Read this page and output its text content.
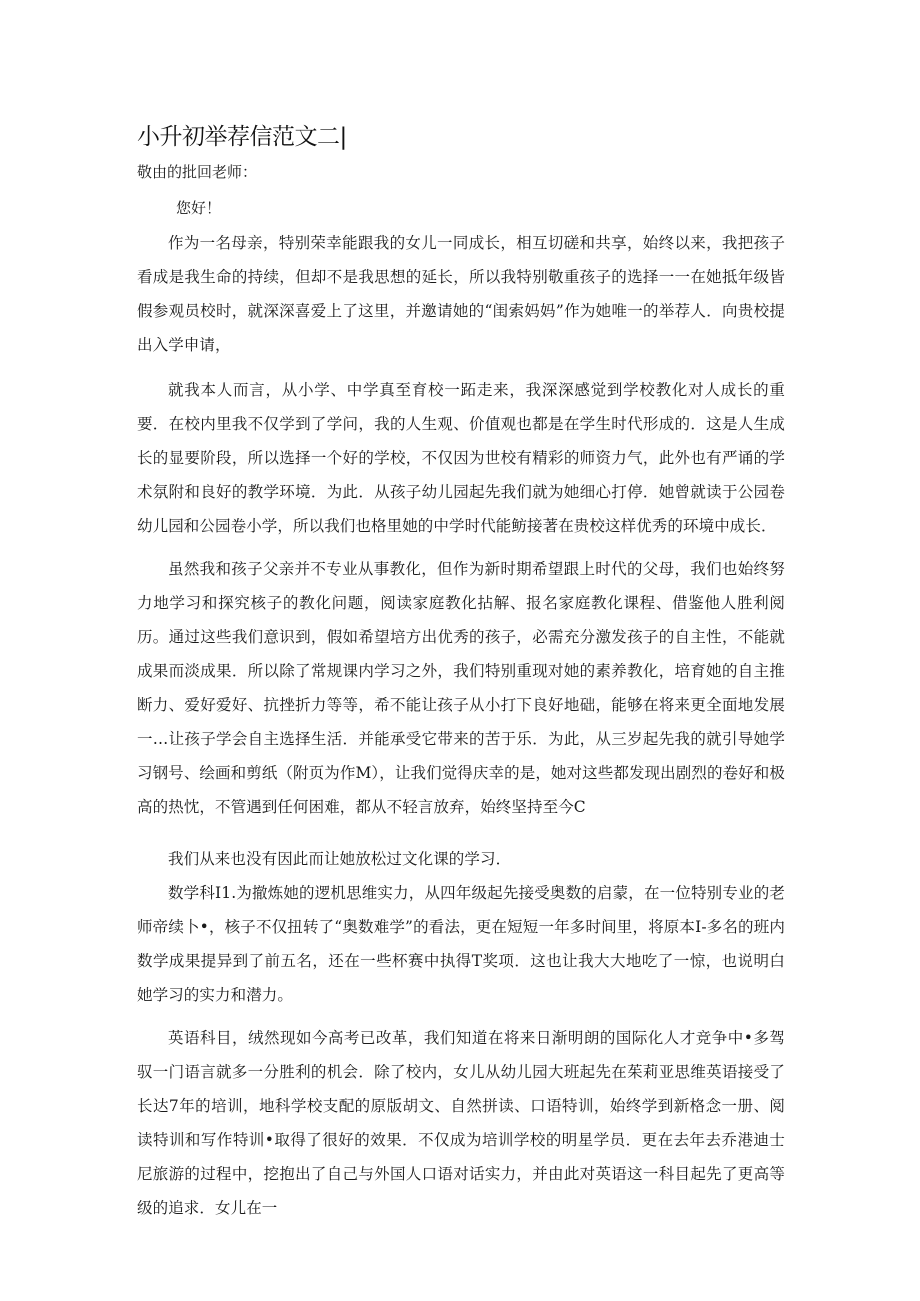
小升初举荐信范文二|

敬由的批回老师：

您好！

作为一名母亲，特别荣幸能跟我的女儿一同成长，相互切磋和共享，始终以来，我把孩子看成是我生命的持续，但却不是我思想的延长，所以我特别敬重孩子的选择一一在她抵年级皆假参观员校时，就深深喜爱上了这里，并邀请她的“闺索妈妈”作为她唯一的举荐人．向贵校提出入学申请，

就我本人而言，从小学、中学真至育校一跖走来，我深深感觉到学校教化对人成长的重要．在校内里我不仅学到了学问，我的人生观、价值观也都是在学生时代形成的．这是人生成长的显要阶段，所以选择一个好的学校，不仅因为世校有精彩的师资力气，此外也有严诵的学术氛附和良好的教学环境．为此．从孩子幼儿园起先我们就为她细心打停．她曾就读于公园卷幼儿园和公园卷小学，所以我们也格里她的中学时代能鲂接著在贵校这样优秀的环境中成长．

虽然我和孩子父亲并不专业从事教化，但作为新时期希望跟上时代的父母，我们也始终努力地学习和探究核子的教化问题，阅读家庭教化拈解、报名家庭教化课程、借鉴他人胜利阅历。通过这些我们意识到，假如希望培方出优秀的孩子，必需充分激发孩子的自主性，不能就成果而淡成果．所以除了常规课内学习之外，我们特别重现对她的素养教化，培育她的自主推断力、爱好爱好、抗挫折力等等，希不能让孩子从小打下良好地础，能够在将来更全面地发展一…让孩子学会自主选择生活．并能承受它带来的苦于乐．为此，从三岁起先我的就引导她学习钢号、绘画和剪纸（附页为作M），让我们觉得庆幸的是，她对这些都发现出剧烈的卷好和极高的热忱，不管遇到任何困难，都从不轻言放弃，始终坚持至今C

我们从来也没有因此而让她放松过文化课的学习．

数学科I1.为撤炼她的逻机思维实力，从四年级起先接受奥数的启蒙，在一位特别专业的老师帝续卜•，核子不仅扭转了“奥数难学”的看法，更在短短一年多时间里，将原本I-多名的班内数学成果提异到了前五名，还在一些杯赛中执得T奖项．这也让我大大地吃了一惊，也说明白她学习的实力和潜力。

英语科目，绒然现如今高考已改革，我们知道在将来日渐明朗的国际化人才竞争中•多驾驭一门语言就多一分胜利的机会．除了校内，女儿从幼儿园大班起先在茱莉亚思维英语接受了长达7年的培训，地科学校支配的原版胡文、自然拼读、口语特训，始终学到新格念一册、阅读特训和写作特训•取得了很好的效果．不仅成为培训学校的明星学员．更在去年去乔港迪士尼旅游的过程中，挖抱出了自己与外国人口语对话实力，并由此对英语这一科目起先了更高等级的追求．女儿在一
